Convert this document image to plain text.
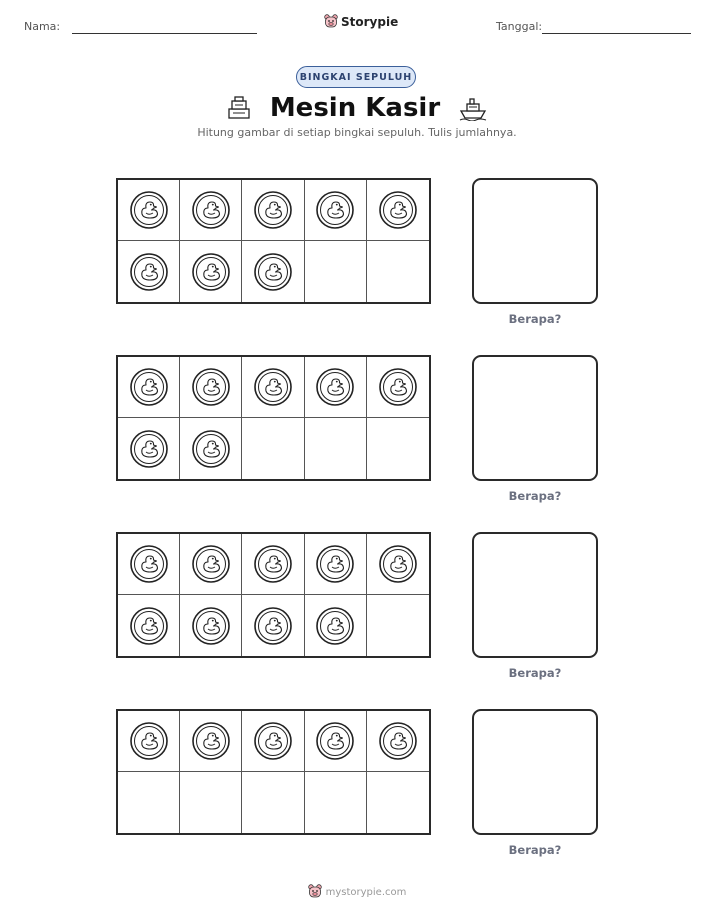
Nama:	Storypie	Tanggal:
BINGKAI SEPULUH
Mesin Kasir
Hitung gambar di setiap bingkai sepuluh. Tulis jumlahnya.
Berapa?
Berapa?
Berapa?
Berapa?
mystorypie.com
